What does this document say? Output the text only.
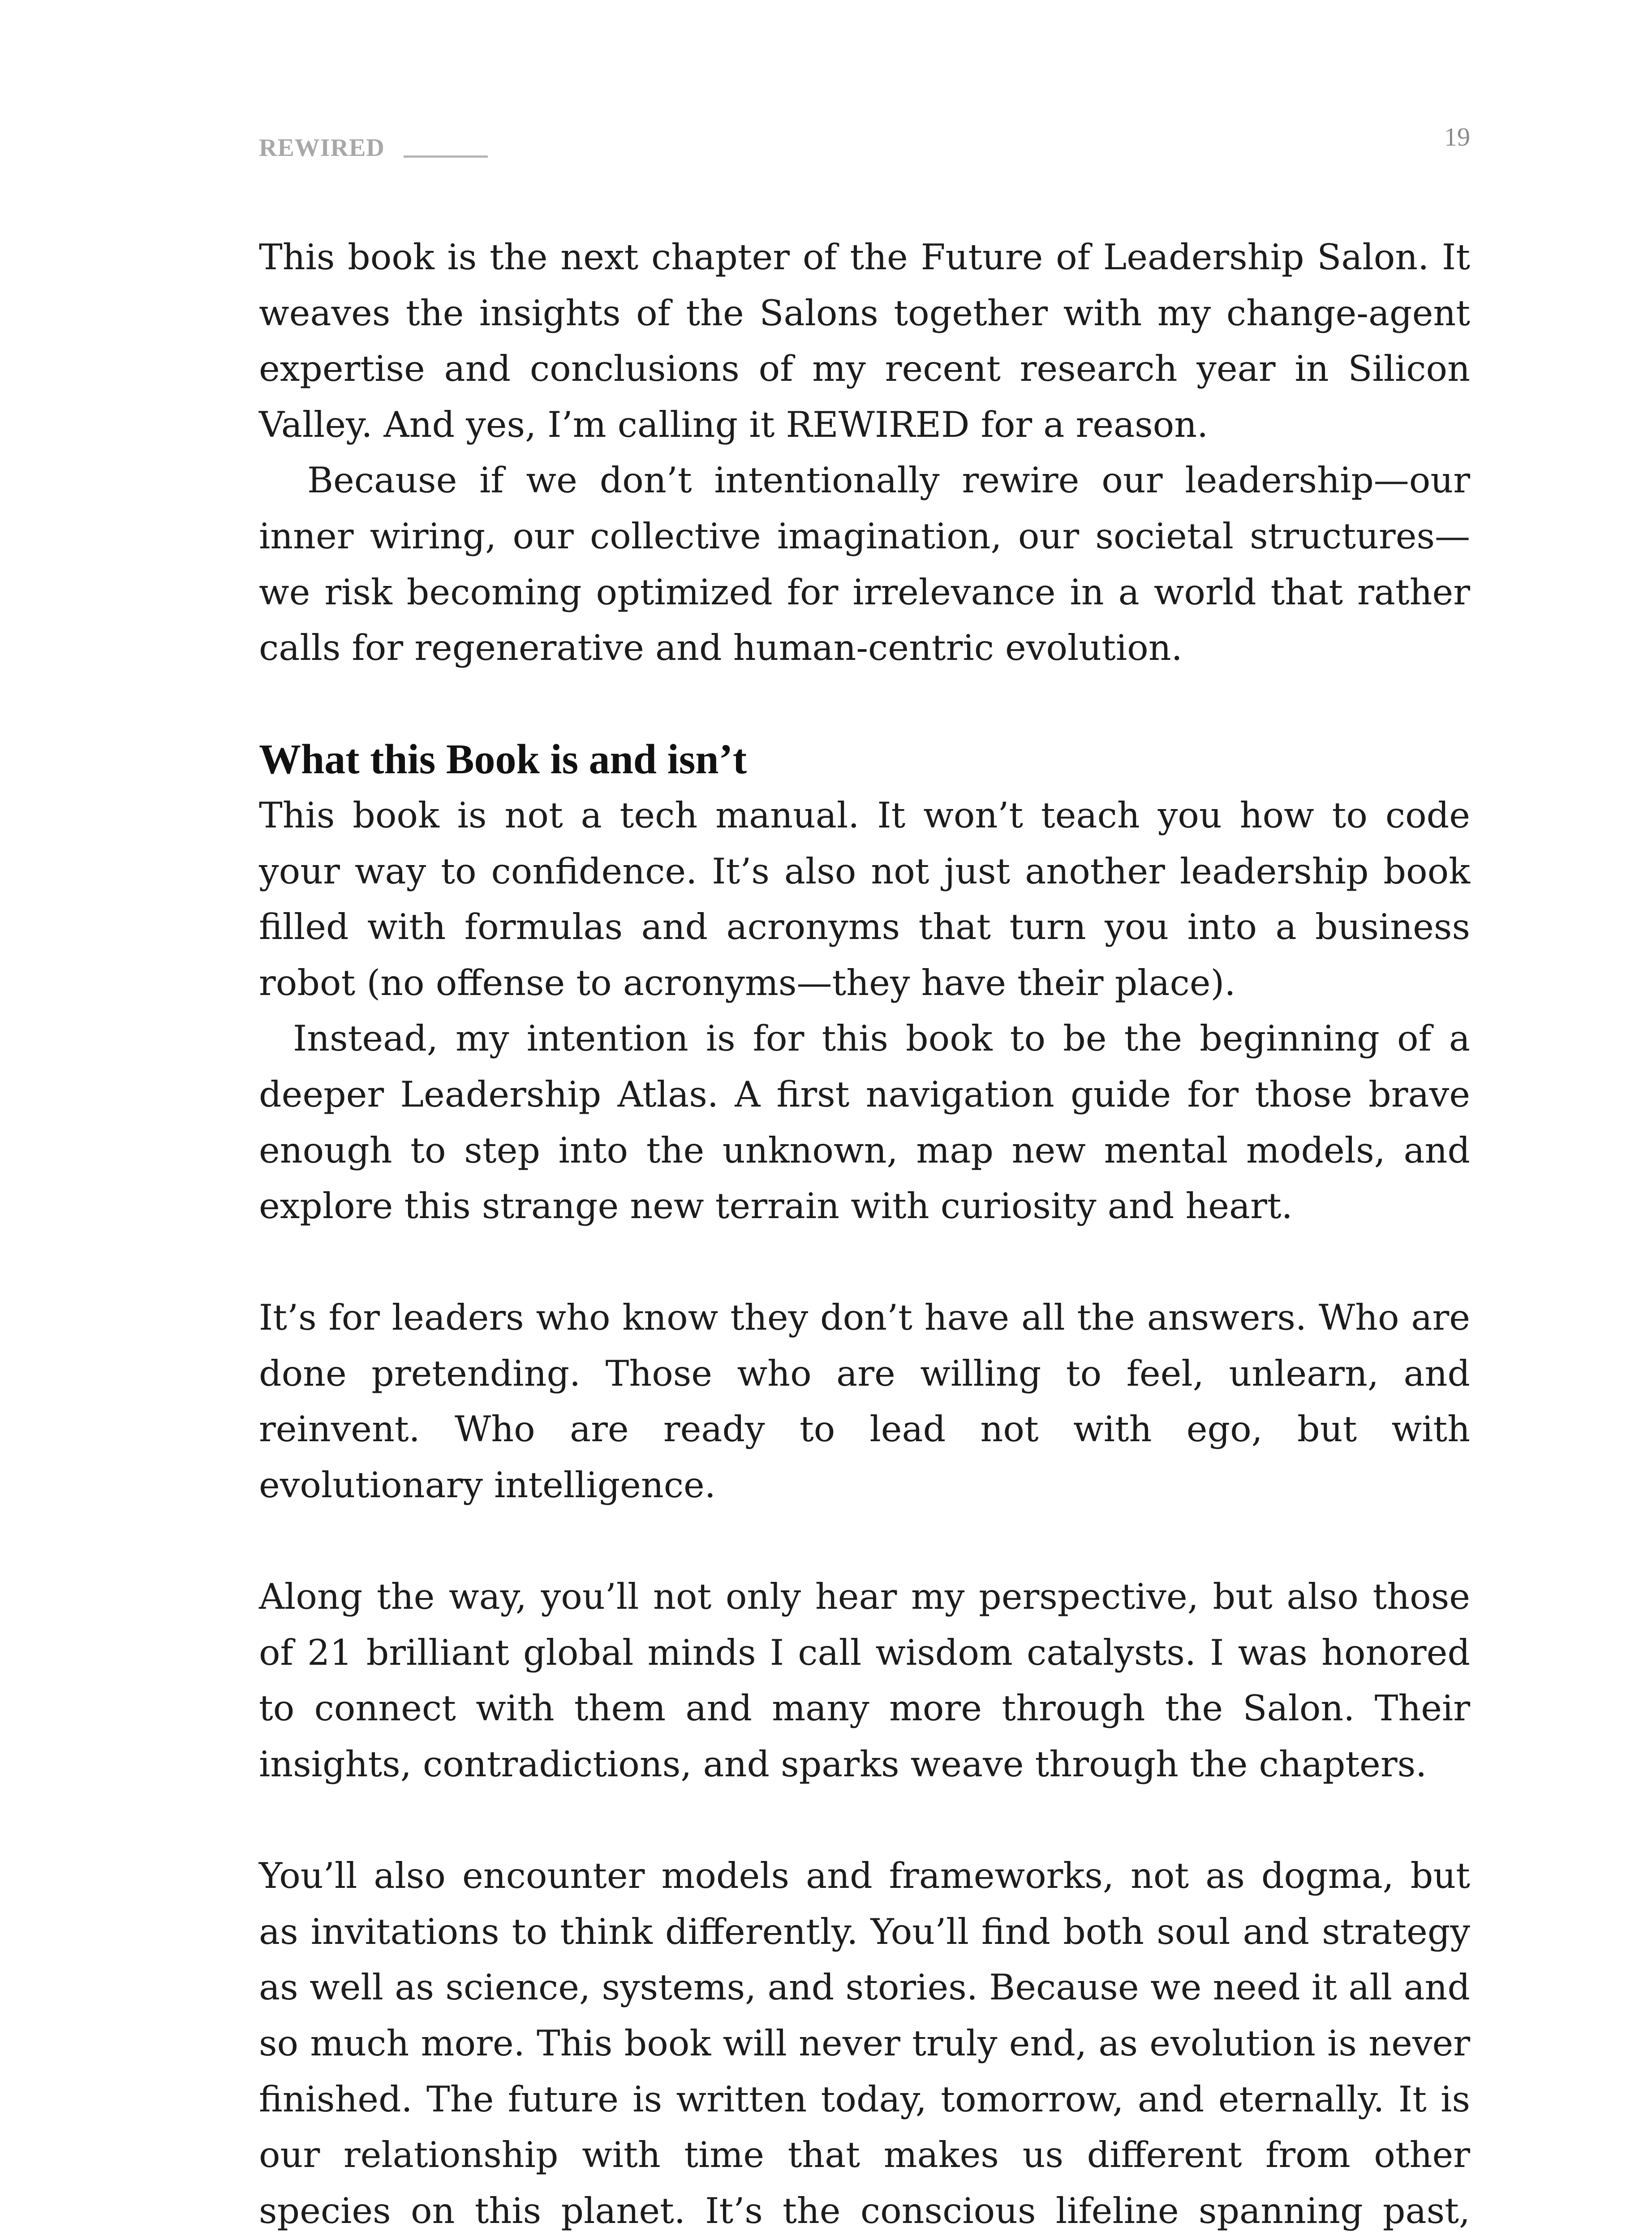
REWIRED	19

This book is the next chapter of the Future of Leadership Salon. It weaves the insights of the Salons together with my change-agent expertise and conclusions of my recent research year in Silicon Valley. And yes, I’m calling it REWIRED for a reason.

Because if we don’t intentionally rewire our leadership—our inner wiring, our collective imagination, our societal structures—we risk becoming optimized for irrelevance in a world that rather calls for regenerative and human-centric evolution.

What this Book is and isn’t

This book is not a tech manual. It won’t teach you how to code your way to confidence. It’s also not just another leadership book filled with formulas and acronyms that turn you into a business robot (no offense to acronyms—they have their place).

Instead, my intention is for this book to be the beginning of a deeper Leadership Atlas. A first navigation guide for those brave enough to step into the unknown, map new mental models, and explore this strange new terrain with curiosity and heart.

It’s for leaders who know they don’t have all the answers. Who are done pretending. Those who are willing to feel, unlearn, and reinvent. Who are ready to lead not with ego, but with evolutionary intelligence.

Along the way, you’ll not only hear my perspective, but also those of 21 brilliant global minds I call wisdom catalysts. I was honored to connect with them and many more through the Salon. Their insights, contradictions, and sparks weave through the chapters.

You’ll also encounter models and frameworks, not as dogma, but as invitations to think differently. You’ll find both soul and strategy as well as science, systems, and stories. Because we need it all and so much more. This book will never truly end, as evolution is never finished. The future is written today, tomorrow, and eternally. It is our relationship with time that makes us different from other species on this planet. It’s the conscious lifeline spanning past,
